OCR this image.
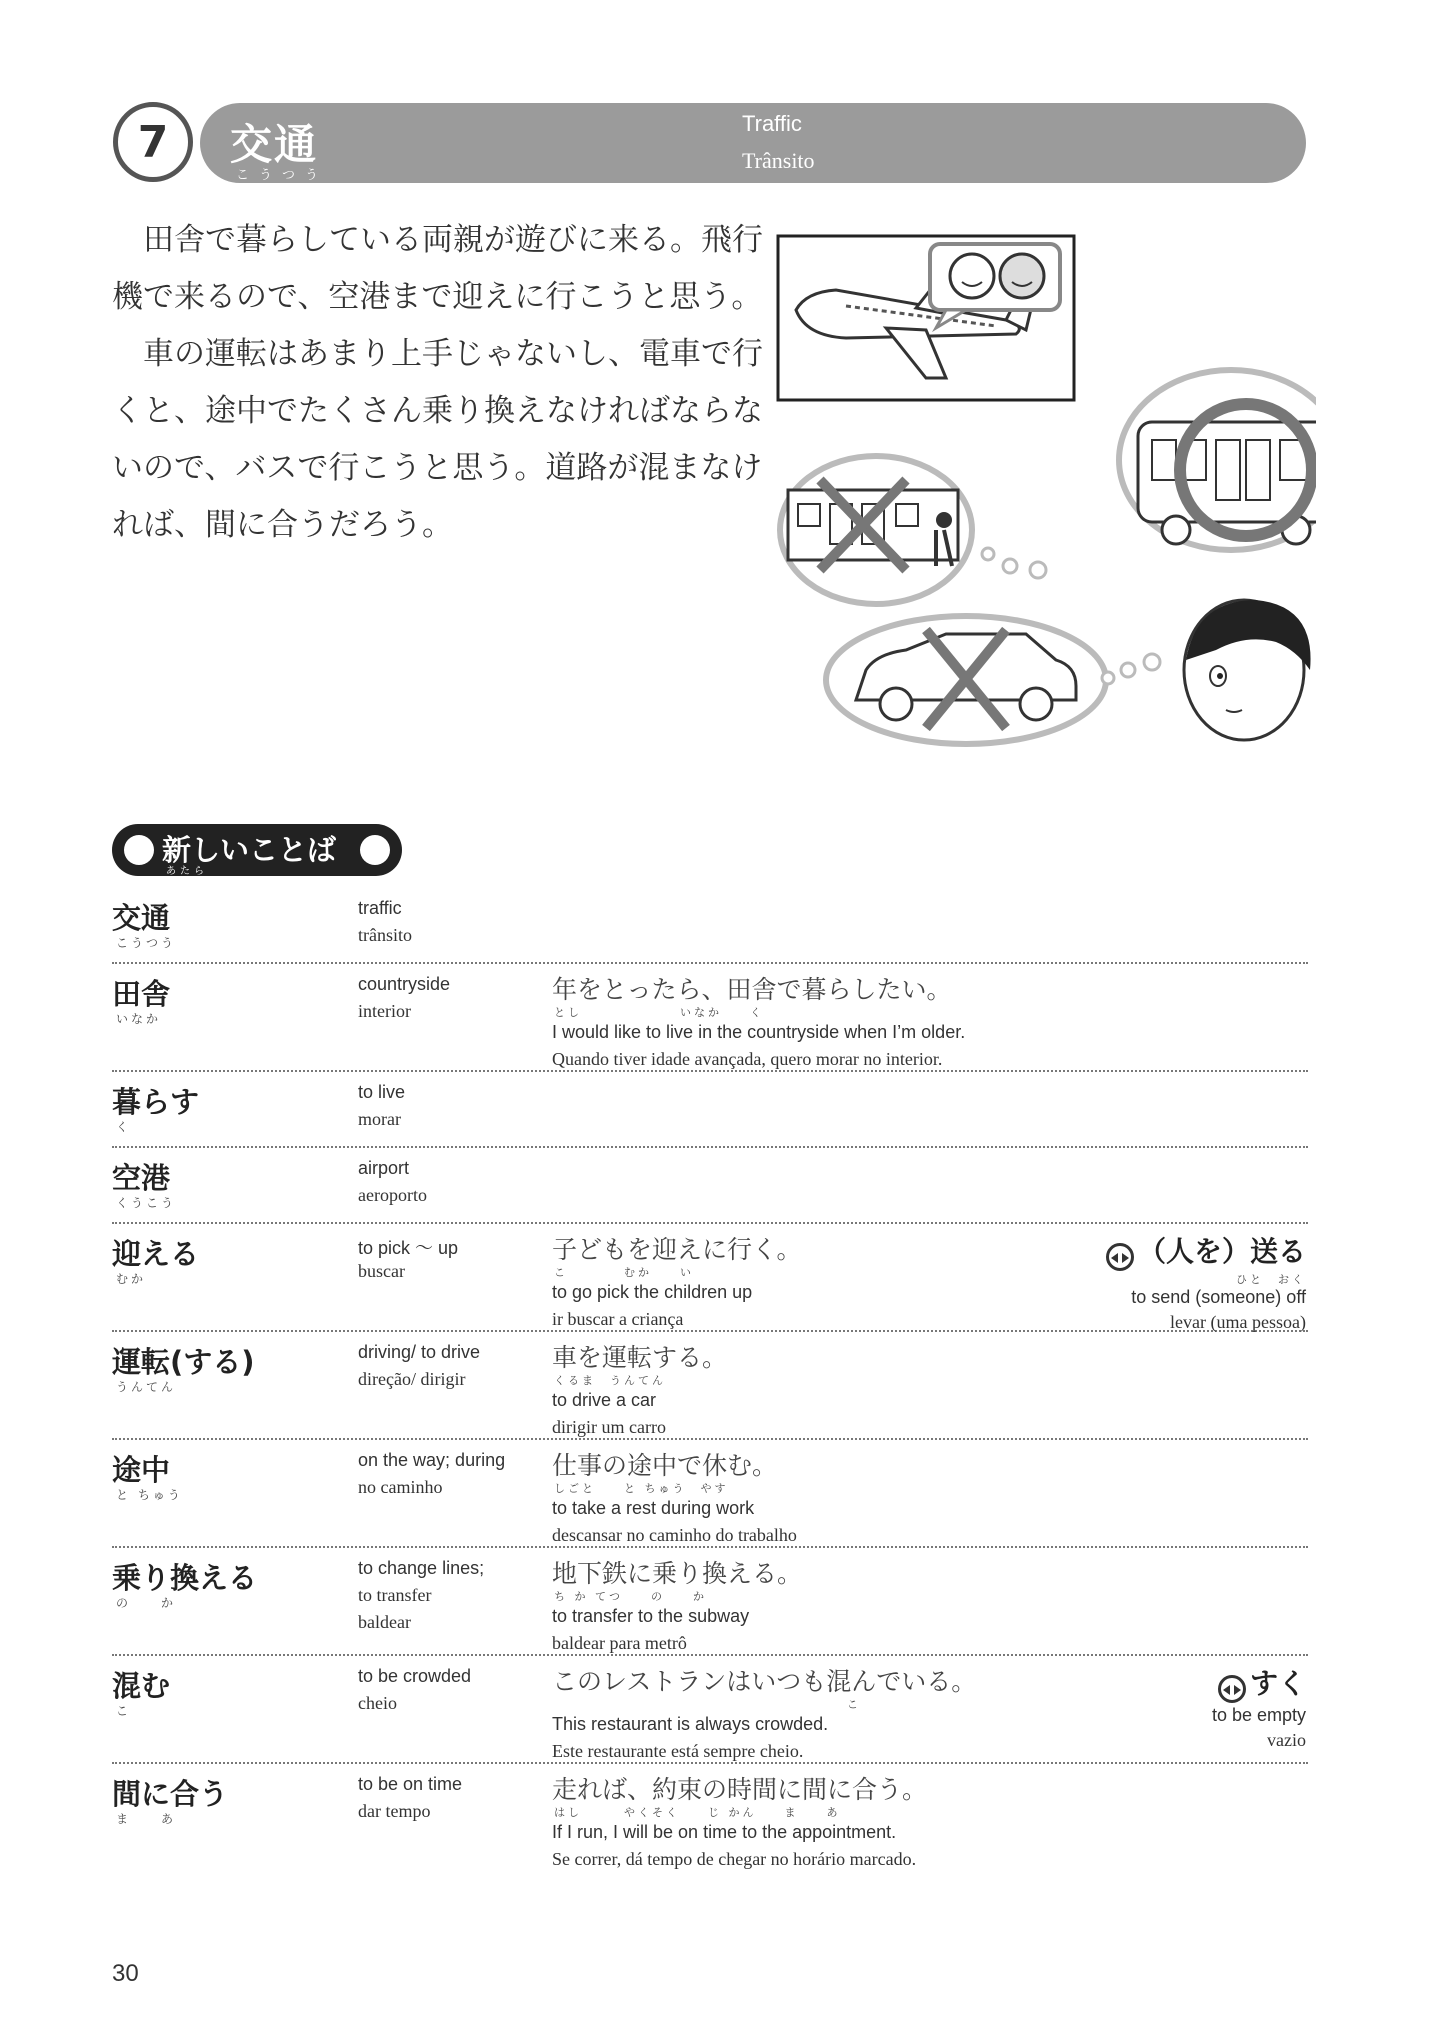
7 交通
こうつう
Traffic
Trânsito
田舎で暮らしている両親が遊びに来る。飛行
機で来るので、空港まで迎えに行こうと思う。
車の運転はあまり上手じゃないし、電車で行
くと、途中でたくさん乗り換えなければならな
いので、バスで行こうと思う。道路が混まなけ
れば、間に合うだろう。
新しいことば
あたら
交通
こうつう
traffic
trânsito
田舎
いなか
countryside
interior
年をとったら、田舎で暮らしたい。
とし　　　　　　　いなか　　く
I would like to live in the countryside when I’m older.
Quando tiver idade avançada, quero morar no interior.
暮らす
く
to live
morar
空港
くうこう
airport
aeroporto
迎える
むか
to pick ～ up
buscar
子どもを迎えに行く。
こ　　　　むか　　い
to go pick the children up
ir buscar a criança
（人を）送る
ひと　おく
to send (someone) off
levar (uma pessoa)
運転(する)
うんてん
driving/ to drive
direção/ dirigir
車を運転する。
くるま　うんてん
to drive a car
dirigir um carro
途中
と ちゅう
on the way; during
no caminho
仕事の途中で休む。
しごと　　と ちゅう　やす
to take a rest during work
descansar no caminho do trabalho
乗り換える
の　　か
to change lines;
to transfer
baldear
地下鉄に乗り換える。
ち か てつ　　の　　か
to transfer to the subway
baldear para metrô
混む
こ
to be crowded
cheio
このレストランはいつも混んでいる。
こ
This restaurant is always crowded.
Este restaurante está sempre cheio.
すく
to be empty
vazio
間に合う
ま　　あ
to be on time
dar tempo
走れば、約束の時間に間に合う。
はし　　　やくそく　　じ かん　　ま　　あ
If I run, I will be on time to the appointment.
Se correr, dá tempo de chegar no horário marcado.
30
